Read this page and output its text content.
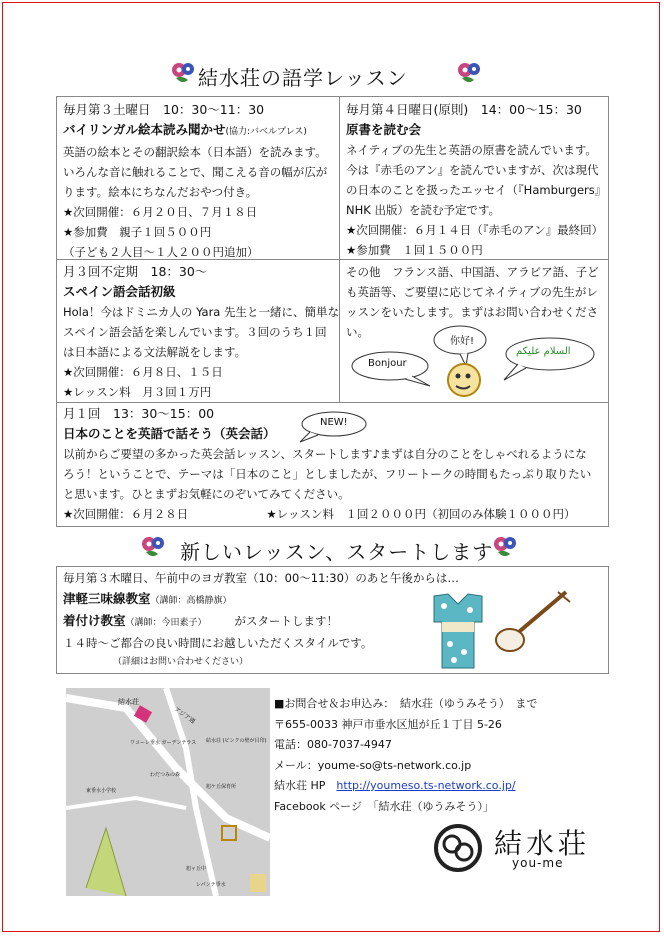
結水荘の語学レッスン
毎月第３土曜日　10：30～11：30
バイリンガル絵本読み聞かせ(協力:バベルプレス)
英語の絵本とその翻訳絵本（日本語）を読みます。
いろんな音に触れることで、聞こえる音の幅が広が
ります。絵本にちなんだおやつ付き。
★次回開催：６月２０日、７月１８日
★参加費　親子１回５００円
（子ども２人目～１人２００円追加）
毎月第４日曜日(原則)　14：00～15：30
原書を読む会
ネイティブの先生と英語の原書を読んでいます。
今は『赤毛のアン』を読んでいますが、次は現代
の日本のことを扱ったエッセイ（『Hamburgers』
NHK 出版）を読む予定です。
★次回開催：６月１４日（『赤毛のアン』最終回）
★参加費　１回１５００円
月３回不定期　18：30～
スペイン語会話初級
Hola！今はドミニカ人の Yara 先生と一緒に、簡単な
スペイン語会話を楽しんでいます。３回のうち１回
は日本語による文法解説をします。
★次回開催：６月８日、１５日
★レッスン料　月３回１万円
その他　フランス語、中国語、アラビア語、子ど
も英語等、ご要望に応じてネイティブの先生がレ
ッスンをいたします。まずはお問い合わせくださ
い。
Bonjour
你好!
السلام عليكم
月１回　13：30～15：00
日本のことを英語で話そう（英会話）
以前からご要望の多かった英会話レッスン、スタートします♪まずは自分のことをしゃべれるようにな
ろう！ということで、テーマは「日本のこと」としましたが、フリートークの時間もたっぷり取りたい
と思います。ひとまずお気軽にのぞいてみてください。
★次回開催：６月２８日	★レッスン料　１回２０００円（初回のみ体験１０００円）
NEW!
新しいレッスン、スタートします
毎月第３木曜日、午前中のヨガ教室（10：00～11:30）のあと午後からは…
津軽三味線教室（講師：高橋静旗）
着付け教室（講師：今田素子） がスタートします！
１４時～ご都合の良い時間にお越しいただくスタイルです。
（詳細はお問い合わせください）
結水荘
アジア通
ワコーレ垂水 ガーデンテラス 結水荘 (ピンクの壁が目印)
わだつみの森
旭ケ丘保育所
東垂水小学校
旭ヶ丘中
レパンテ垂水
■お問合せ＆お申込み：　結水荘（ゆうみそう）　まで
〒655-0033 神戸市垂水区旭が丘１丁目 5-26
電話：080-7037-4947
メール：youme-so@ts-network.co.jp
結水荘 HP　 http://youmeso.ts-network.co.jp/
Facebook ページ　「結水荘（ゆうみそう）」
結水荘
you-me
